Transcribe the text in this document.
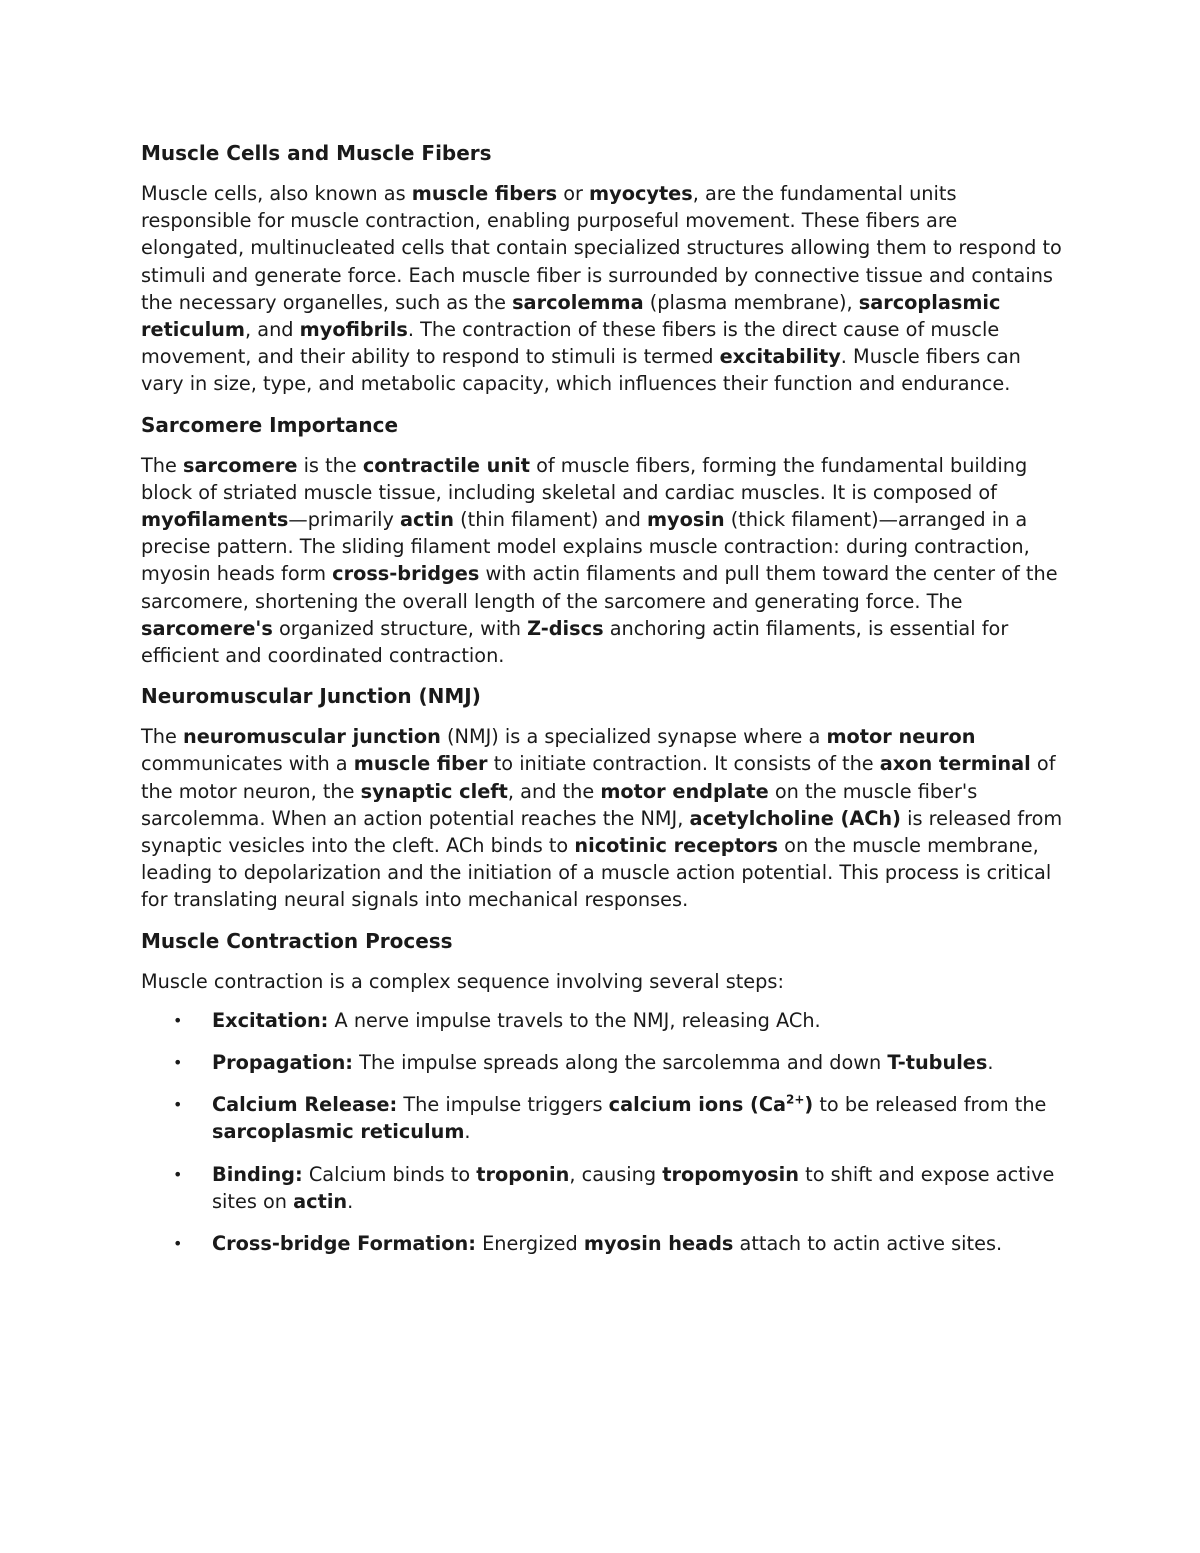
Muscle Cells and Muscle Fibers

Muscle cells, also known as muscle fibers or myocytes, are the fundamental units responsible for muscle contraction, enabling purposeful movement. These fibers are elongated, multinucleated cells that contain specialized structures allowing them to respond to stimuli and generate force. Each muscle fiber is surrounded by connective tissue and contains the necessary organelles, such as the sarcolemma (plasma membrane), sarcoplasmic reticulum, and myofibrils. The contraction of these fibers is the direct cause of muscle movement, and their ability to respond to stimuli is termed excitability. Muscle fibers can vary in size, type, and metabolic capacity, which influences their function and endurance.

Sarcomere Importance

The sarcomere is the contractile unit of muscle fibers, forming the fundamental building block of striated muscle tissue, including skeletal and cardiac muscles. It is composed of myofilaments—primarily actin (thin filament) and myosin (thick filament)—arranged in a precise pattern. The sliding filament model explains muscle contraction: during contraction, myosin heads form cross-bridges with actin filaments and pull them toward the center of the sarcomere, shortening the overall length of the sarcomere and generating force. The sarcomere's organized structure, with Z-discs anchoring actin filaments, is essential for efficient and coordinated contraction.

Neuromuscular Junction (NMJ)

The neuromuscular junction (NMJ) is a specialized synapse where a motor neuron communicates with a muscle fiber to initiate contraction. It consists of the axon terminal of the motor neuron, the synaptic cleft, and the motor endplate on the muscle fiber's sarcolemma. When an action potential reaches the NMJ, acetylcholine (ACh) is released from synaptic vesicles into the cleft. ACh binds to nicotinic receptors on the muscle membrane, leading to depolarization and the initiation of a muscle action potential. This process is critical for translating neural signals into mechanical responses.

Muscle Contraction Process

Muscle contraction is a complex sequence involving several steps:

• Excitation: A nerve impulse travels to the NMJ, releasing ACh.
• Propagation: The impulse spreads along the sarcolemma and down T-tubules.
• Calcium Release: The impulse triggers calcium ions $(Ca^{2+})$ to be released from the sarcoplasmic reticulum.
• Binding: Calcium binds to troponin, causing tropomyosin to shift and expose active sites on actin.
• Cross-bridge Formation: Energized myosin heads attach to actin active sites.
